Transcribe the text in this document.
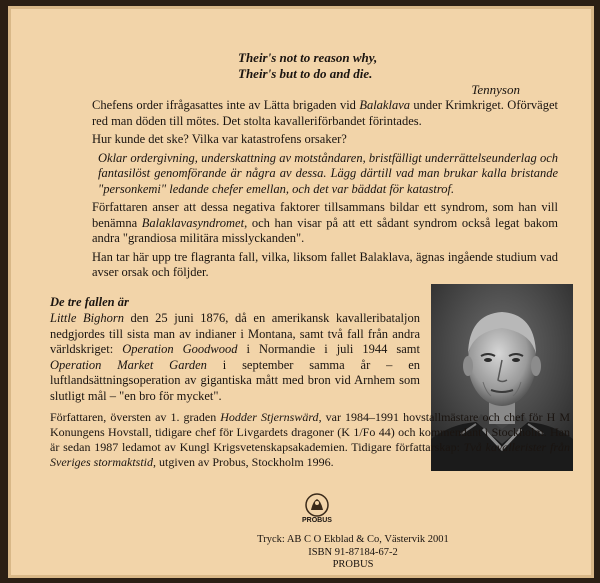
Their's not to reason why,
Their's but to do and die.
Tennyson

Chefens order ifrågasattes inte av Lätta brigaden vid Balaklava under Krimkriget. Oförväget red man döden till mötes. Det stolta kavalleriförbandet förintades.

Hur kunde det ske? Vilka var katastrofens orsaker?

Oklar ordergivning, underskattning av motståndaren, bristfälligt underrättelseunderlag och fantasilöst genomförande är några av dessa. Lägg därtill vad man brukar kalla bristande "personkemi" ledande chefer emellan, och det var bäddat för katastrof.

Författaren anser att dessa negativa faktorer tillsammans bildar ett syndrom, som han vill benämna Balaklavasyndromet, och han visar på att ett sådant syndrom också legat bakom andra "grandiosa militära misslyckanden".

Han tar här upp tre flagranta fall, vilka, liksom fallet Balaklava, ägnas ingående studium vad avser orsak och följder.

De tre fallen är
Little Bighorn den 25 juni 1876, då en amerikansk kavalleribataljon nedgjordes till sista man av indianer i Montana, samt två fall från andra världskriget: Operation Goodwood i Normandie i juli 1944 samt Operation Market Garden i september samma år – en luftlandsättningsoperation av gigantiska mått med bron vid Arnhem som slutligt mål – "en bro för mycket".
Författaren, översten av 1. graden Hodder Stjernswärd, var 1984–1991 hovstallmästare och chef för H M Konungens Hovstall, tidigare chef för Livgardets dragoner (K 1/Fo 44) och kommendant i Stockholm. Han är sedan 1987 ledamot av Kungl Krigsvetenskapsakademien. Tidigare författarskap: Två kavallerister från Sveriges stormaktstid, utgiven av Probus, Stockholm 1996.
PROBUS
Tryck: AB C O Ekblad & Co, Västervik 2001
ISBN 91-87184-67-2
PROBUS
